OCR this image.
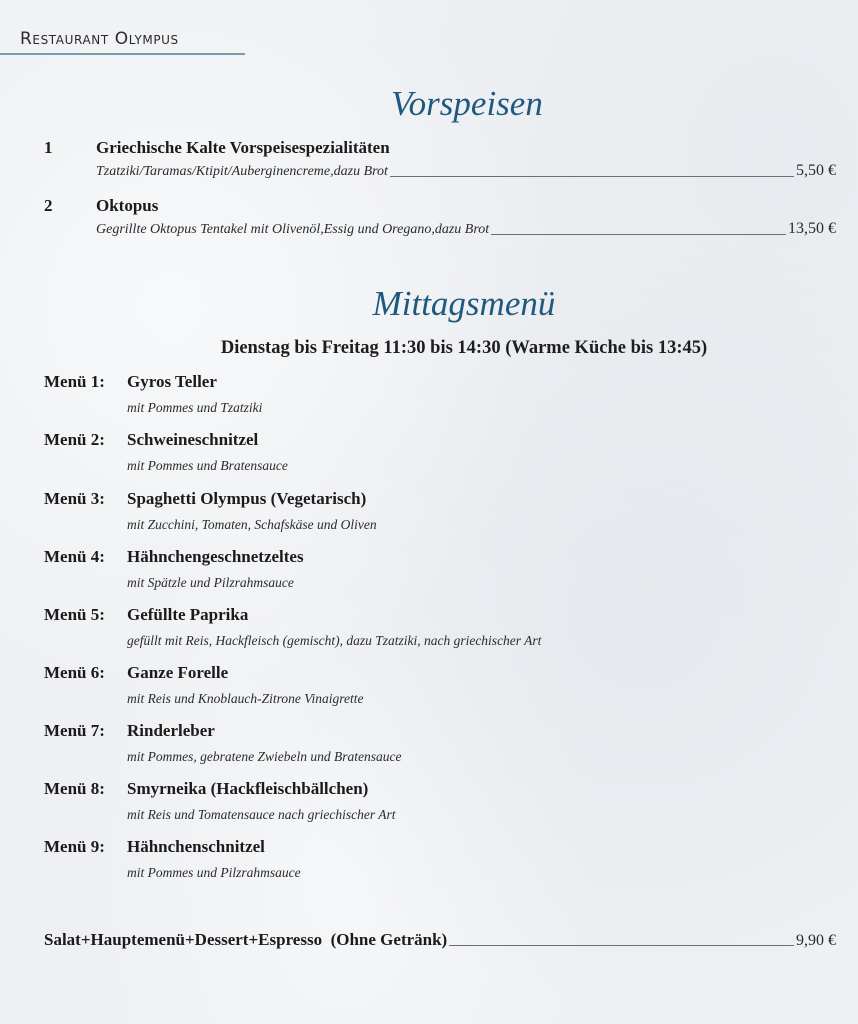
Restaurant Olympus
Vorspeisen
1	Griechische Kalte Vorspeisespezialitäten
Tzatziki/Taramas/Ktipit/Auberginencreme,dazu Brot	5,50 €
2	Oktopus
Gegrillte Oktopus Tentakel mit Olivenöl,Essig und Oregano,dazu Brot	13,50 €
Mittagsmenü
Dienstag bis Freitag 11:30 bis 14:30 (Warme Küche bis 13:45)
Menü 1: Gyros Teller
mit Pommes und Tzatziki
Menü 2: Schweineschnitzel
mit Pommes und Bratensauce
Menü 3: Spaghetti Olympus (Vegetarisch)
mit Zucchini, Tomaten, Schafskäse und Oliven
Menü 4: Hähnchengeschnetzeltes
mit Spätzle und Pilzrahmsauce
Menü 5: Gefüllte Paprika
gefüllt mit Reis, Hackfleisch (gemischt), dazu Tzatziki, nach griechischer Art
Menü 6: Ganze Forelle
mit Reis und Knoblauch-Zitrone Vinaigrette
Menü 7: Rinderleber
mit Pommes, gebratene Zwiebeln und Bratensauce
Menü 8: Smyrneika (Hackfleischbällchen)
mit Reis und Tomatensauce nach griechischer Art
Menü 9: Hähnchenschnitzel
mit Pommes und Pilzrahmsauce
Salat+Hauptemenü+Dessert+Espresso  (Ohne Getränk)	9,90 €
